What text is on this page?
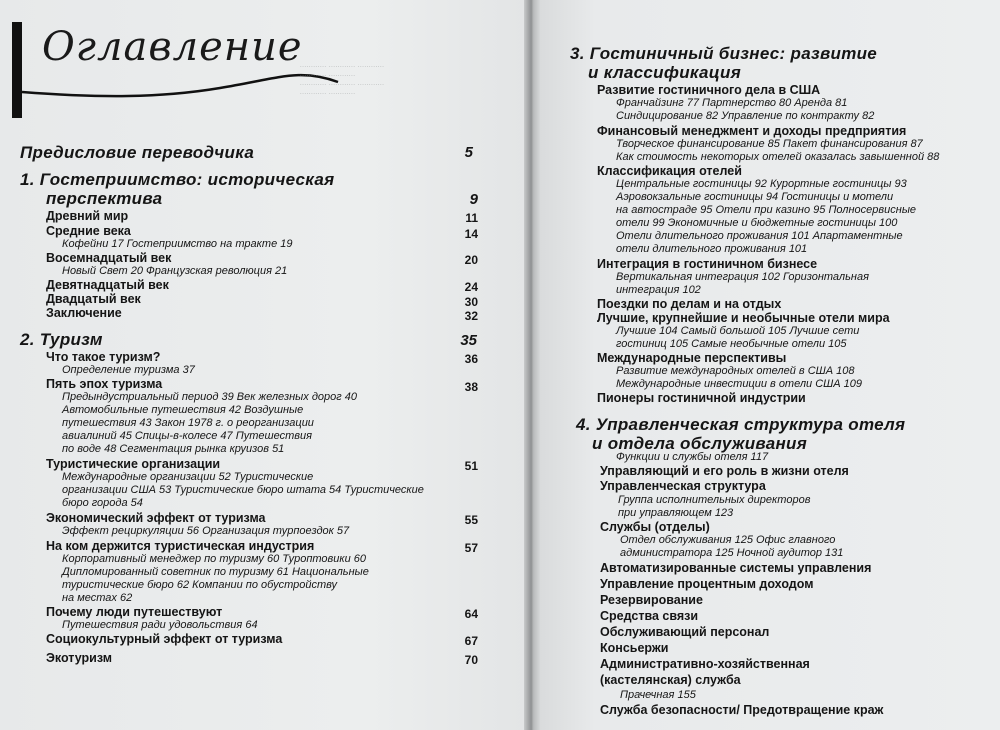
Оглавление
............ ............ ............
............ ............
............ ............ ............
............ ............
Предисловие переводчика	5
1. Гостеприимство: историческая
перспектива	9
Древний мир	11
Средние века	14
Кофейни 17 Гостеприимство на тракте 19
Восемнадцатый век	20
Новый Свет 20 Французская революция 21
Девятнадцатый век	24
Двадцатый век	30
Заключение	32
2. Туризм	35
Что такое туризм?	36
Определение туризма 37
Пять эпох туризма	38
Предындустриальный период 39 Век железных дорог 40
Автомобильные путешествия 42 Воздушные
путешествия 43 Закон 1978 г. о реорганизации
авиалиний 45 Спицы-в-колесе 47 Путешествия
по воде 48 Сегментация рынка круизов 51
Туристические организации	51
Международные организации 52 Туристические
организации США 53 Туристические бюро штата 54 Туристические
бюро города 54
Экономический эффект от туризма	55
Эффект рециркуляции 56 Организация турпоездок 57
На ком держится туристическая индустрия	57
Корпоративный менеджер по туризму 60 Туроптовики 60
Дипломированный советник по туризму 61 Национальные
туристические бюро 62 Компании по обустройству
на местах 62
Почему люди путешествуют	64
Путешествия ради удовольствия 64
Социокультурный эффект от туризма	67
Экотуризм	70
3. Гостиничный бизнес: развитие
и классификация
Развитие гостиничного дела в США
Франчайзинг 77 Партнерство 80 Аренда 81
Синдицирование 82 Управление по контракту 82
Финансовый менеджмент и доходы предприятия
Творческое финансирование 85 Пакет финансирования 87
Как стоимость некоторых отелей оказалась завышенной 88
Классификация отелей
Центральные гостиницы 92 Курортные гостиницы 93
Аэровокзальные гостиницы 94 Гостиницы и мотели
на автостраде 95 Отели при казино 95 Полносервисные
отели 99 Экономичные и бюджетные гостиницы 100
Отели длительного проживания 101 Апартаментные
отели длительного проживания 101
Интеграция в гостиничном бизнесе
Вертикальная интеграция 102 Горизонтальная
интеграция 102
Поездки по делам и на отдых
Лучшие, крупнейшие и необычные отели мира
Лучшие 104 Самый большой 105 Лучшие сети
гостиниц 105 Самые необычные отели 105
Международные перспективы
Развитие международных отелей в США 108
Международные инвестиции в отели США 109
Пионеры гостиничной индустрии
4. Управленческая структура отеля
и отдела обслуживания
Функции и службы отеля 117
Управляющий и его роль в жизни отеля
Управленческая структура
Группа исполнительных директоров
при управляющем 123
Службы (отделы)
Отдел обслуживания 125 Офис главного
администратора 125 Ночной аудитор 131
Автоматизированные системы управления
Управление процентным доходом
Резервирование
Средства связи
Обслуживающий персонал
Консьержи
Административно-хозяйственная
(кастелянская) служба
Прачечная 155
Служба безопасности/ Предотвращение краж
